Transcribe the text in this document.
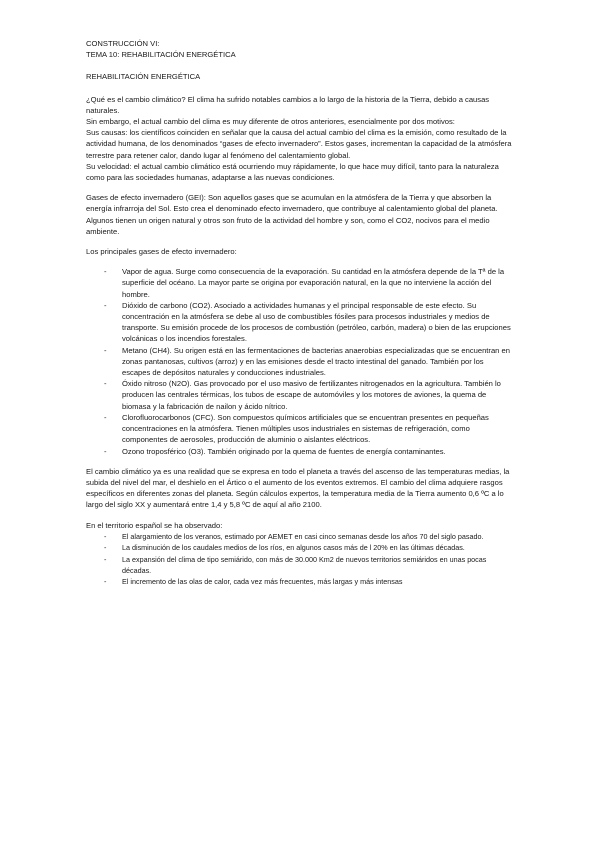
CONSTRUCCIÓN VI:

TEMA 10: REHABILITACIÓN ENERGÉTICA

REHABILITACIÓN ENERGÉTICA

¿Qué es el cambio climático? El clima ha sufrido notables cambios a lo largo de la historia de la Tierra, debido a causas naturales.

Sin embargo, el actual cambio del clima es muy diferente de otros anteriores, esencialmente por dos motivos:

Sus causas: los científicos coinciden en señalar que la causa del actual cambio del clima es la emisión, como resultado de la actividad humana, de los denominados “gases de efecto invernadero”. Estos gases, incrementan la capacidad de la atmósfera terrestre para retener calor, dando lugar al fenómeno del calentamiento global.

Su velocidad: el actual cambio climático está ocurriendo muy rápidamente, lo que hace muy difícil, tanto para la naturaleza como para las sociedades humanas, adaptarse a las nuevas condiciones.

Gases de efecto invernadero (GEI): Son aquellos gases que se acumulan en la atmósfera de la Tierra y que absorben la energía infrarroja del Sol. Esto crea el denominado efecto invernadero, que contribuye al calentamiento global del planeta. Algunos tienen un origen natural y otros son fruto de la actividad del hombre y son, como el CO2, nocivos para el medio ambiente.

Los principales gases de efecto invernadero:

- Vapor de agua. Surge como consecuencia de la evaporación. Su cantidad en la atmósfera depende de la Tª de la superficie del océano. La mayor parte se origina por evaporación natural, en la que no interviene la acción del hombre.
- Dióxido de carbono (CO2). Asociado a actividades humanas y el principal responsable de este efecto. Su concentración en la atmósfera se debe al uso de combustibles fósiles para procesos industriales y medios de transporte. Su emisión procede de los procesos de combustión (petróleo, carbón, madera) o bien de las erupciones volcánicas o los incendios forestales.
- Metano (CH4). Su origen está en las fermentaciones de bacterias anaerobias especializadas que se encuentran en zonas pantanosas, cultivos (arroz) y en las emisiones desde el tracto intestinal del ganado. También por los escapes de depósitos naturales y conducciones industriales.
- Óxido nitroso (N2O). Gas provocado por el uso masivo de fertilizantes nitrogenados en la agricultura. También lo producen las centrales térmicas, los tubos de escape de automóviles y los motores de aviones, la quema de biomasa y la fabricación de nailon y ácido nítrico.
- Clorofluorocarbonos (CFC). Son compuestos químicos artificiales que se encuentran presentes en pequeñas concentraciones en la atmósfera. Tienen múltiples usos industriales en sistemas de refrigeración, como componentes de aerosoles, producción de aluminio o aislantes eléctricos.
- Ozono troposférico (O3). También originado por la quema de fuentes de energía contaminantes.

El cambio climático ya es una realidad que se expresa en todo el planeta a través del ascenso de las temperaturas medias, la subida del nivel del mar, el deshielo en el Ártico o el aumento de los eventos extremos. El cambio del clima adquiere rasgos específicos en diferentes zonas del planeta. Según cálculos expertos, la temperatura media de la Tierra aumento 0,6 ºC a lo largo del siglo XX y aumentará entre 1,4 y 5,8 ºC de aquí al año 2100.

En el territorio español se ha observado:

- El alargamiento de los veranos, estimado por AEMET en casi cinco semanas desde los años 70 del siglo pasado.
- La disminución de los caudales medios de los ríos, en algunos casos más de l 20% en las últimas décadas.
- La expansión del clima de tipo semiárido, con más de 30.000 Km2 de nuevos territorios semiáridos en unas pocas décadas.
- El incremento de las olas de calor, cada vez más frecuentes, más largas y más intensas
